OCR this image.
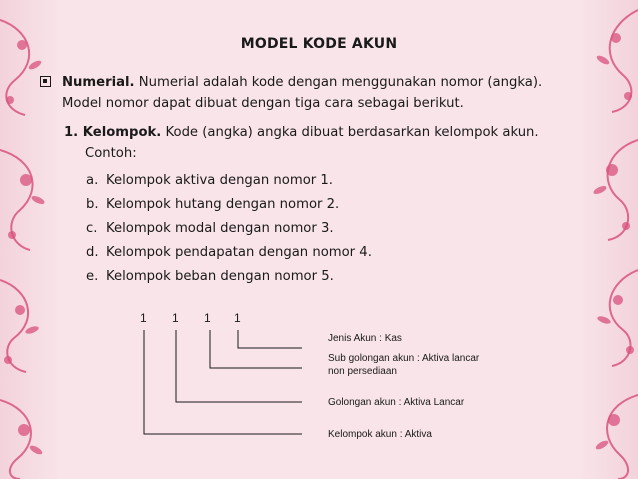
MODEL KODE AKUN
Numerial. Numerial adalah kode dengan menggunakan nomor (angka).
Model nomor dapat dibuat dengan tiga cara sebagai berikut.
1. Kelompok. Kode (angka) angka dibuat berdasarkan kelompok akun.
Contoh:
a. Kelompok aktiva dengan nomor 1.
b. Kelompok hutang dengan nomor 2.
c. Kelompok modal dengan nomor 3.
d. Kelompok pendapatan dengan nomor 4.
e. Kelompok beban dengan nomor 5.
1 1 1 1
Jenis Akun : Kas
Sub golongan akun : Aktiva lancar
non persediaan
Golongan akun : Aktiva Lancar
Kelompok akun : Aktiva
